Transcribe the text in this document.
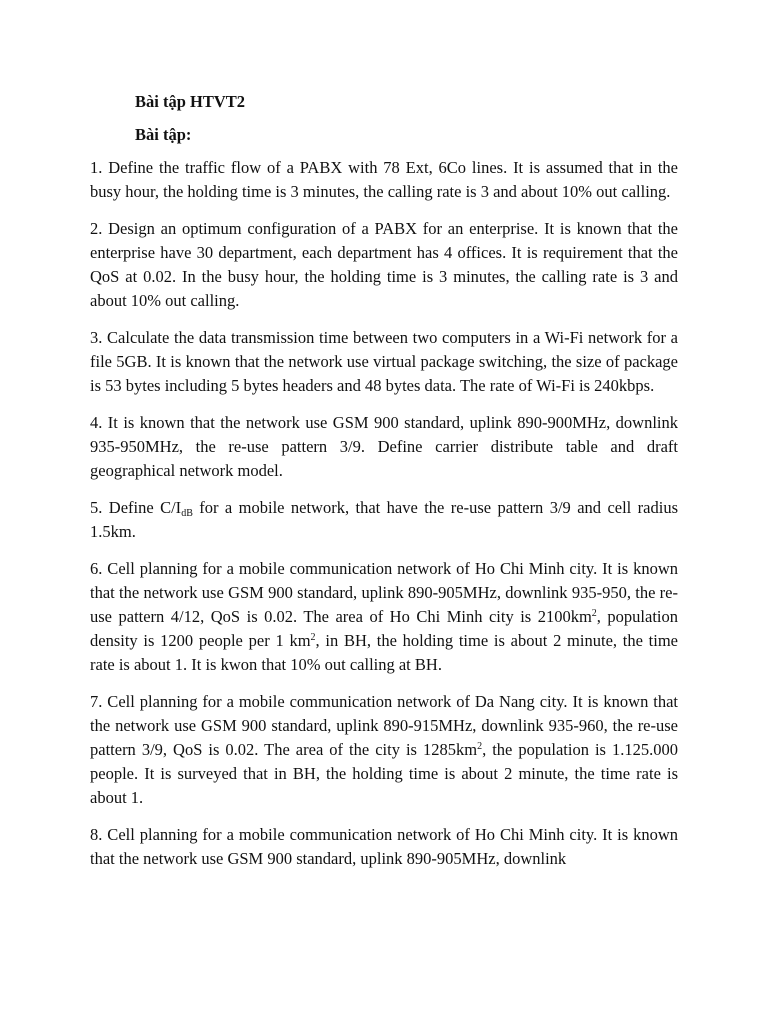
Bài tập HTVT2
Bài tập:

1. Define the traffic flow of a PABX with 78 Ext, 6Co lines. It is assumed that in the busy hour, the holding time is 3 minutes, the calling rate is 3 and about 10% out calling.

2. Design an optimum configuration of a PABX for an enterprise. It is known that the enterprise have 30 department, each department has 4 offices. It is requirement that the QoS at 0.02. In the busy hour, the holding time is 3 minutes, the calling rate is 3 and about 10% out calling.

3. Calculate the data transmission time between two computers in a Wi-Fi network for a file 5GB. It is known that the network use virtual package switching, the size of package is 53 bytes including 5 bytes headers and 48 bytes data. The rate of Wi-Fi is 240kbps.

4. It is known that the network use GSM 900 standard, uplink 890-900MHz, downlink 935-950MHz, the re-use pattern 3/9. Define carrier distribute table and draft geographical network model.

5. Define $C/I_{dB}$ for a mobile network, that have the re-use pattern 3/9 and cell radius 1.5km.

6. Cell planning for a mobile communication network of Ho Chi Minh city. It is known that the network use GSM 900 standard, uplink 890-905MHz, downlink 935-950, the re-use pattern 4/12, QoS is 0.02. The area of Ho Chi Minh city is $2100km^2$, population density is 1200 people per 1 $km^2$, in BH, the holding time is about 2 minute, the time rate is about 1. It is kwon that 10% out calling at BH.

7. Cell planning for a mobile communication network of Da Nang city. It is known that the network use GSM 900 standard, uplink 890-915MHz, downlink 935-960, the re-use pattern 3/9, QoS is 0.02. The area of the city is $1285km^2$, the population is 1.125.000 people. It is surveyed that in BH, the holding time is about 2 minute, the time rate is about 1.

8. Cell planning for a mobile communication network of Ho Chi Minh city. It is known that the network use GSM 900 standard, uplink 890-905MHz, downlink
